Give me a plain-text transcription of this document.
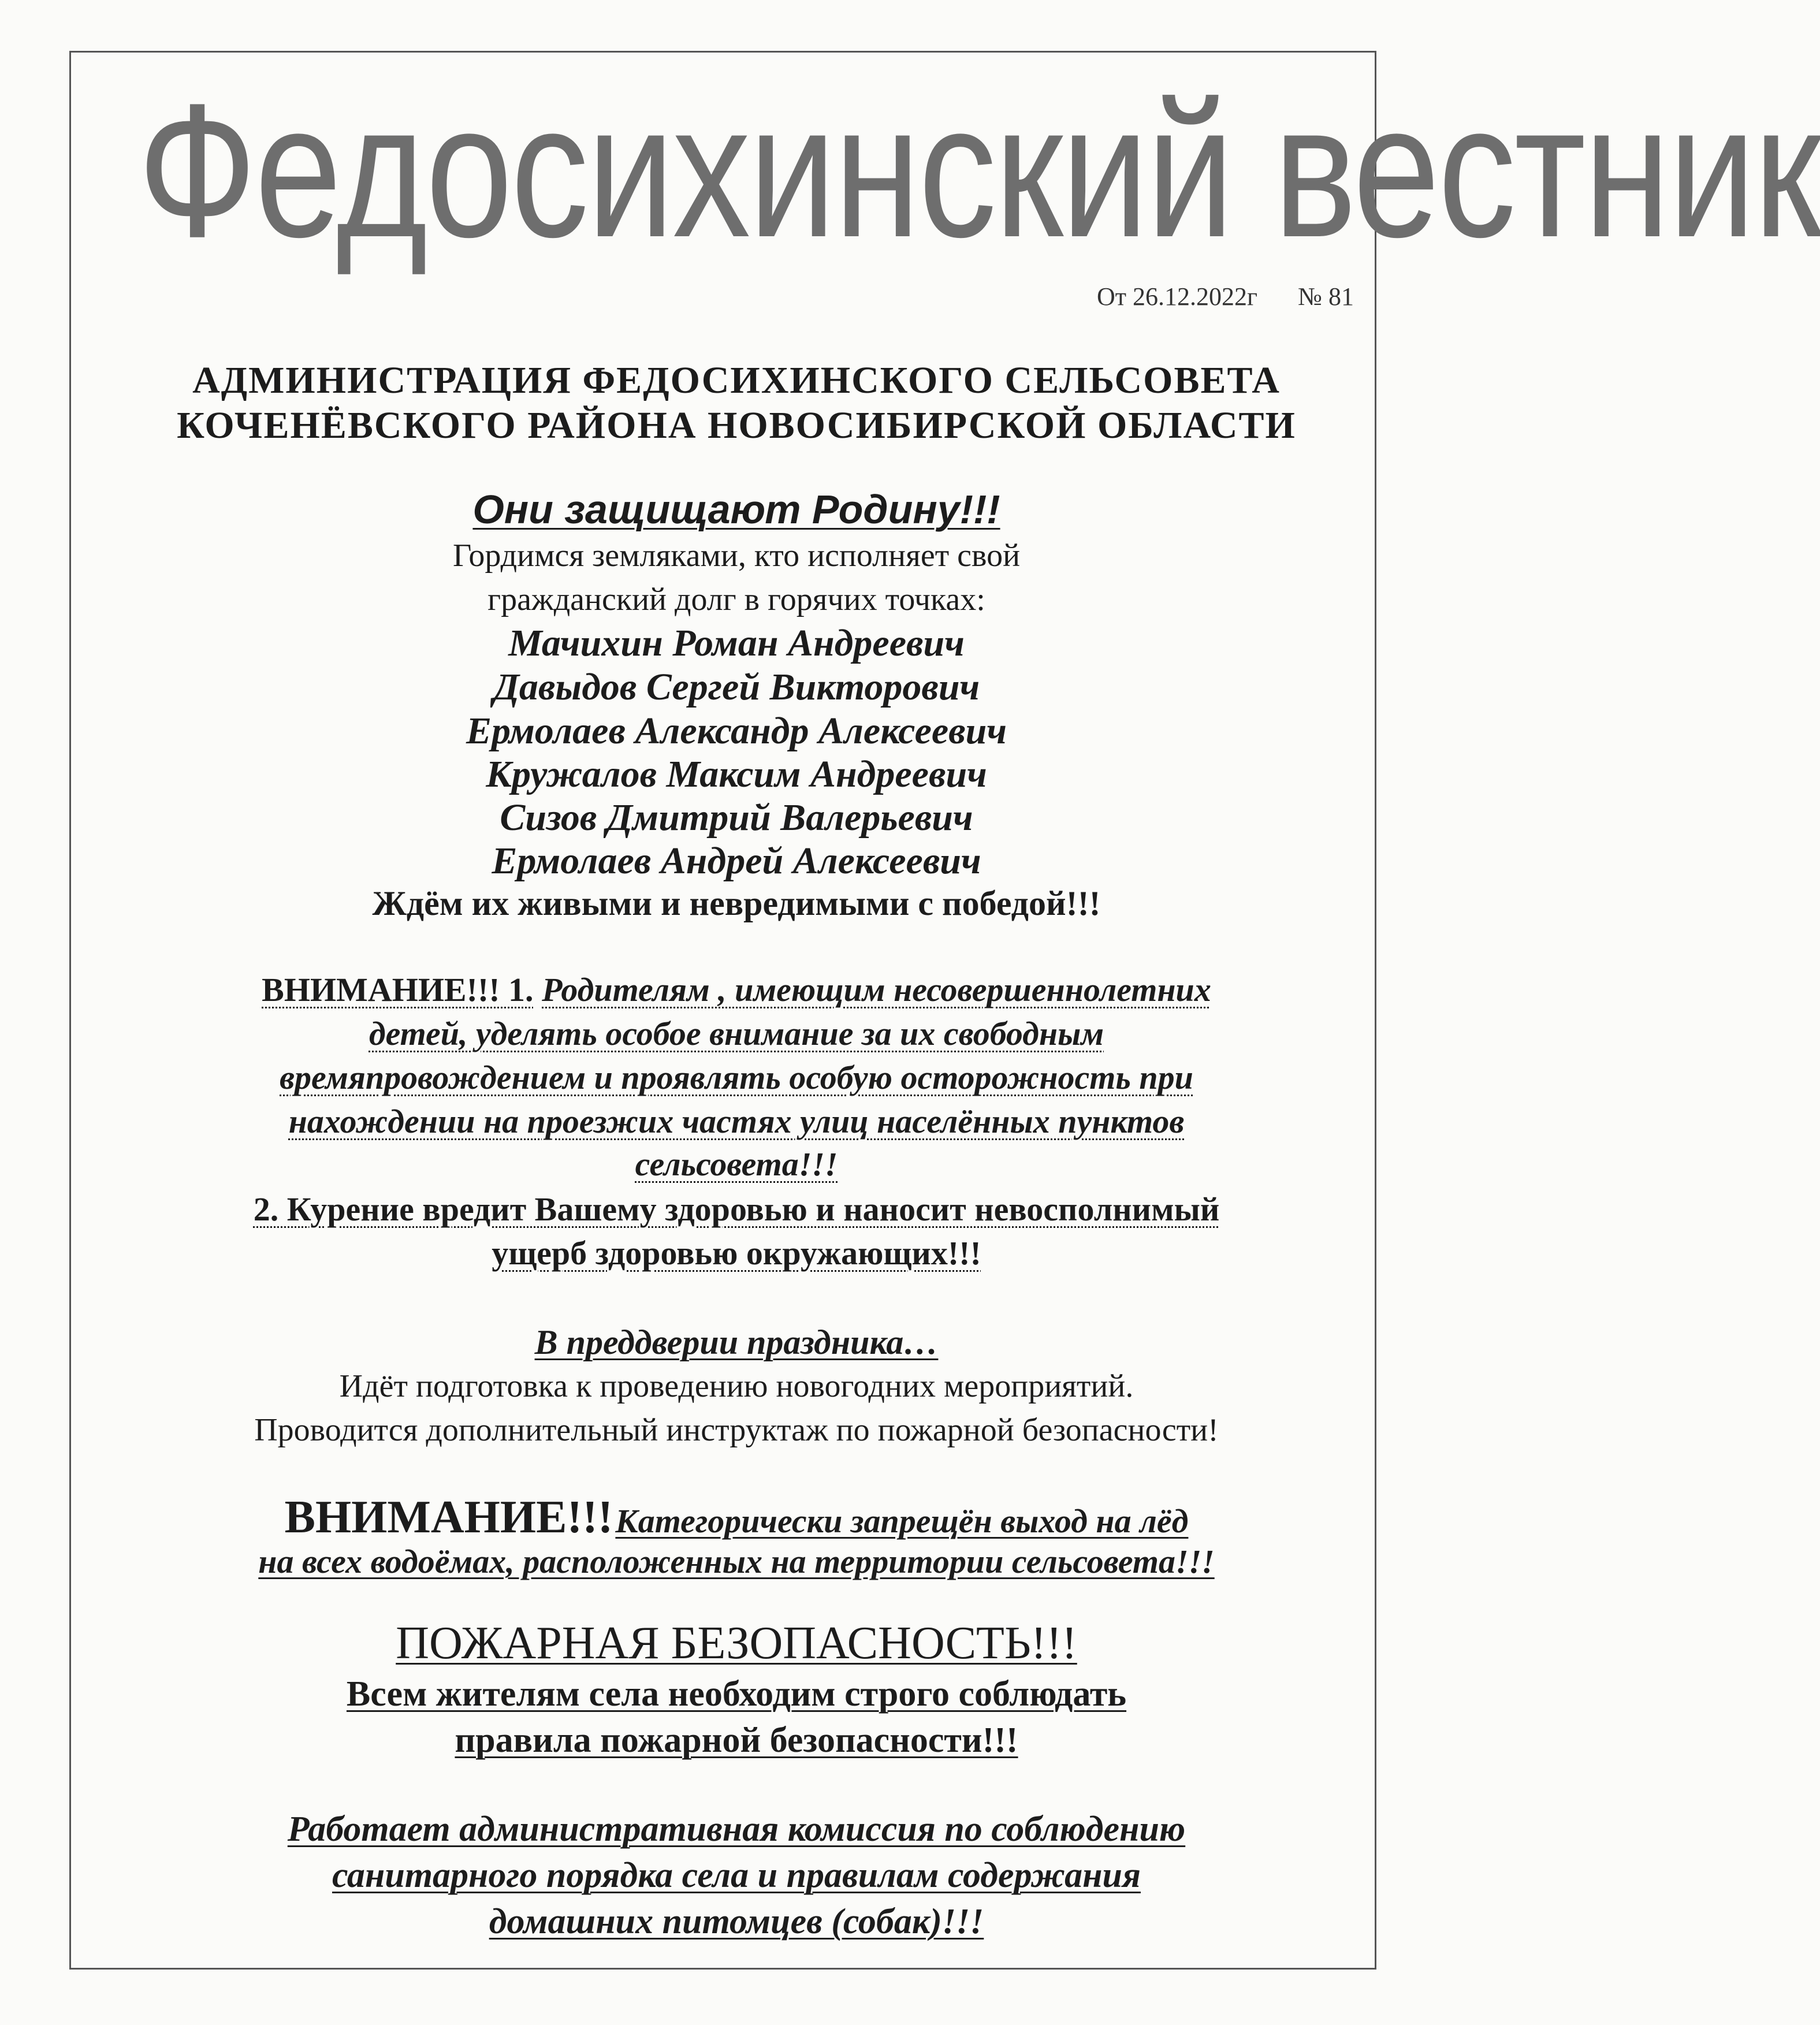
Федосихинский вестник
От 26.12.2022г № 81
АДМИНИСТРАЦИЯ ФЕДОСИХИНСКОГО СЕЛЬСОВЕТА
КОЧЕНЁВСКОГО РАЙОНА НОВОСИБИРСКОЙ ОБЛАСТИ
Они защищают Родину!!!
Гордимся земляками, кто исполняет свой
гражданский долг в горячих точках:
Мачихин Роман Андреевич
Давыдов Сергей Викторович
Ермолаев Александр Алексеевич
Кружалов Максим Андреевич
Сизов Дмитрий Валерьевич
Ермолаев Андрей Алексеевич
Ждём их живыми и невредимыми с победой!!!
ВНИМАНИЕ!!! 1. Родителям , имеющим несовершеннолетних
детей, уделять особое внимание за их свободным
времяпровождением и проявлять особую осторожность при
нахождении на проезжих частях улиц населённых пунктов
сельсовета!!!
2. Курение вредит Вашему здоровью и наносит невосполнимый
ущерб здоровью окружающих!!!
В преддверии праздника…
Идёт подготовка к проведению новогодних мероприятий.
Проводится дополнительный инструктаж по пожарной безопасности!
ВНИМАНИЕ!!! Категорически запрещён выход на лёд
на всех водоёмах, расположенных на территории сельсовета!!!
ПОЖАРНАЯ БЕЗОПАСНОСТЬ!!!
Всем жителям села необходим строго соблюдать
правила пожарной безопасности!!!
Работает административная комиссия по соблюдению
санитарного порядка села и правилам содержания
домашних питомцев (собак)!!!
